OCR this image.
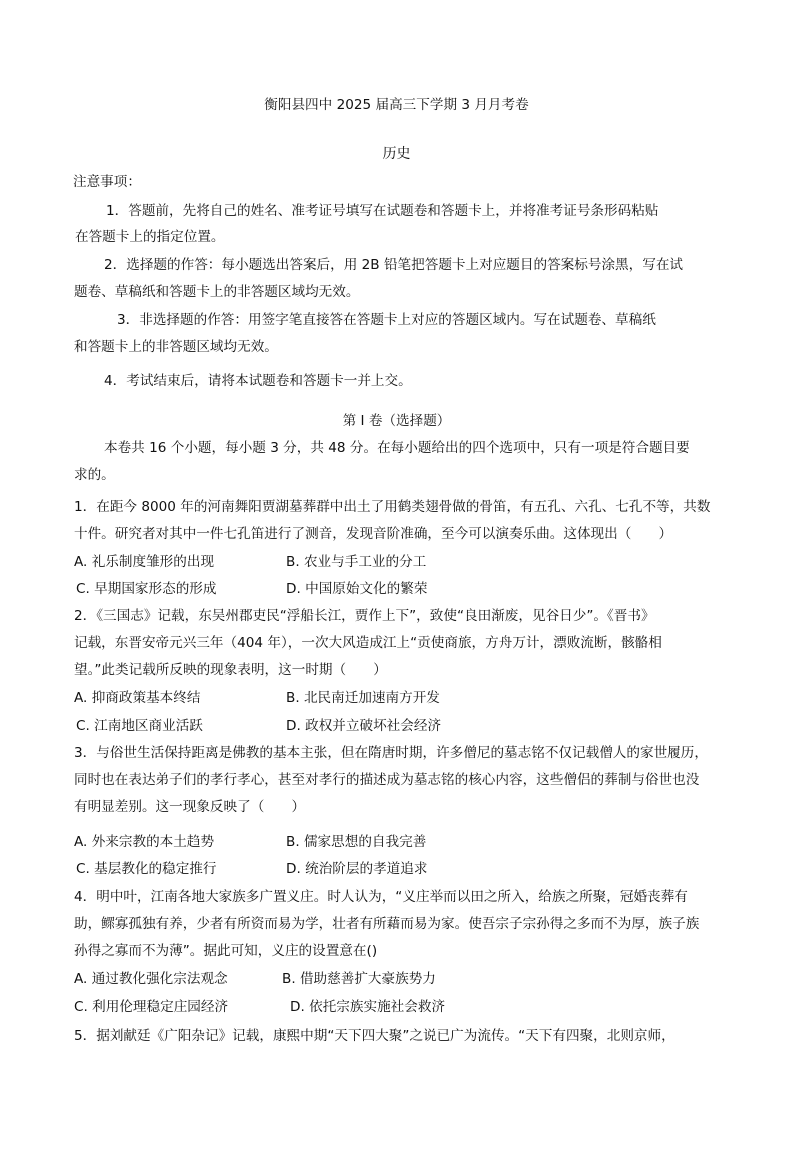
衡阳县四中 2025 届高三下学期 3 月月考卷
历史
注意事项：
1．答题前，先将自己的姓名、准考证号填写在试题卷和答题卡上，并将准考证号条形码粘贴
在答题卡上的指定位置。
2．选择题的作答：每小题选出答案后，用 2B 铅笔把答题卡上对应题目的答案标号涂黑，写在试
题卷、草稿纸和答题卡上的非答题区域均无效。
3．非选择题的作答：用签字笔直接答在答题卡上对应的答题区域内。写在试题卷、草稿纸
和答题卡上的非答题区域均无效。
4．考试结束后，请将本试题卷和答题卡一并上交。
第 I 卷（选择题）
本卷共 16 个小题，每小题 3 分，共 48 分。在每小题给出的四个选项中，只有一项是符合题目要
求的。
1．在距今 8000 年的河南舞阳贾湖墓葬群中出土了用鹤类翅骨做的骨笛，有五孔、六孔、七孔不等，共数
十件。研究者对其中一件七孔笛进行了测音，发现音阶准确，至今可以演奏乐曲。这体现出（　　）
A. 礼乐制度雏形的出现	B. 农业与手工业的分工
C. 早期国家形态的形成	D. 中国原始文化的繁荣
2．《三国志》记载，东吴州郡吏民“浮船长江，贾作上下”，致使“良田渐废，见谷日少”。《晋书》
记载，东晋安帝元兴三年（404 年），一次大风造成江上“贡使商旅，方舟万计，漂败流断，骸骼相
望。”此类记载所反映的现象表明，这一时期（　　）
A. 抑商政策基本终结	B. 北民南迁加速南方开发
C. 江南地区商业活跃	D. 政权并立破坏社会经济
3．与俗世生活保持距离是佛教的基本主张，但在隋唐时期，许多僧尼的墓志铭不仅记载僧人的家世履历，
同时也在表达弟子们的孝行孝心，甚至对孝行的描述成为墓志铭的核心内容，这些僧侣的葬制与俗世也没
有明显差别。这一现象反映了（　　）
A. 外来宗教的本土趋势	B. 儒家思想的自我完善
C. 基层教化的稳定推行	D. 统治阶层的孝道追求
4．明中叶，江南各地大家族多广置义庄。时人认为，“义庄举而以田之所入，给族之所聚，冠婚丧葬有
助，鳏寡孤独有养，少者有所资而易为学，壮者有所藉而易为家。使吾宗子宗孙得之多而不为厚，族子族
孙得之寡而不为薄”。据此可知，义庄的设置意在()
A. 通过教化强化宗法观念	B. 借助慈善扩大豪族势力
C. 利用伦理稳定庄园经济	D. 依托宗族实施社会救济
5．据刘献廷《广阳杂记》记载，康熙中期“天下四大聚”之说已广为流传。“天下有四聚，北则京师，
